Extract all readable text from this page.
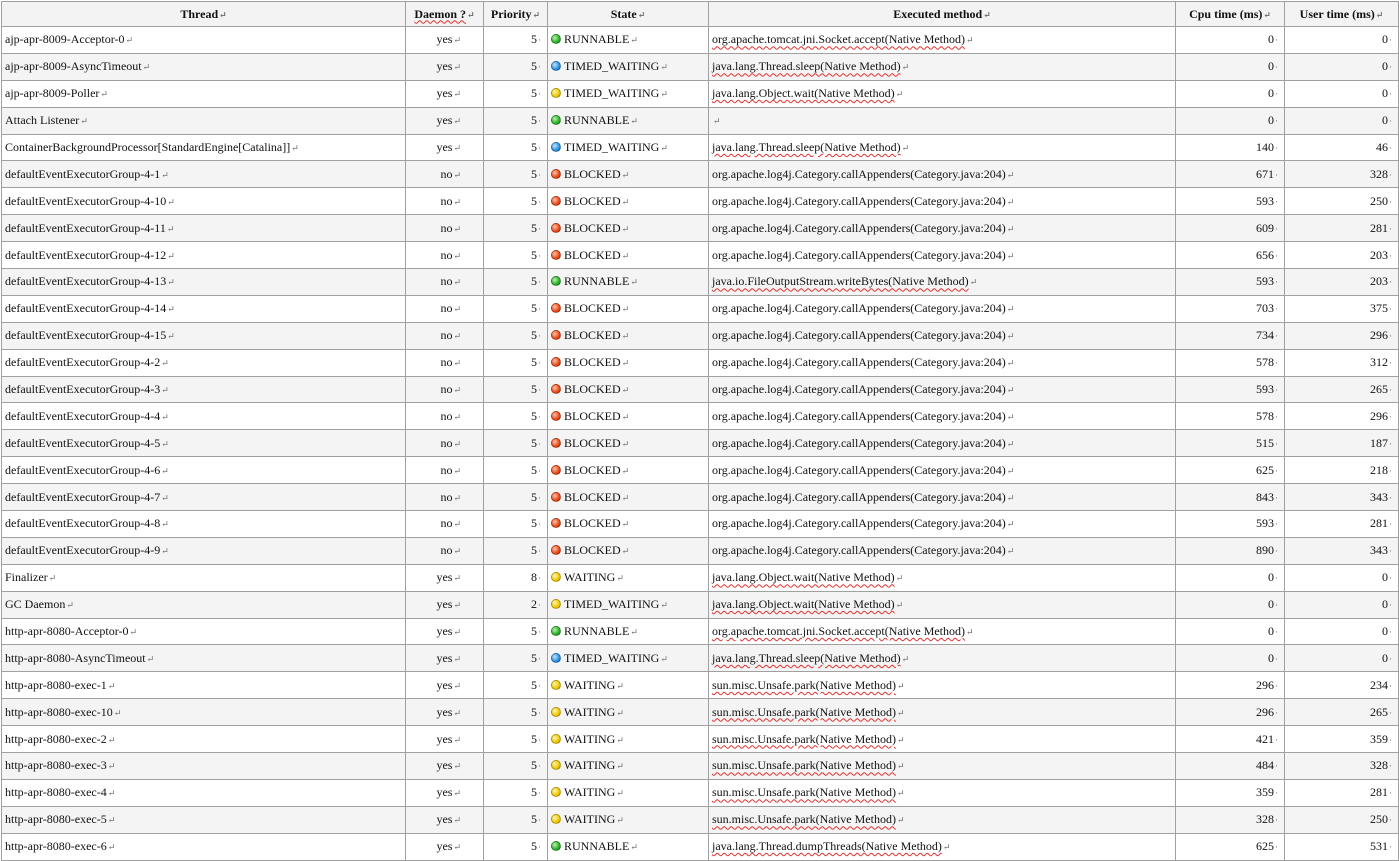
Thread↵	Daemon ?↵	Priority↵	State↵	Executed method↵	Cpu time (ms)↵	User time (ms)↵
ajp-apr-8009-Acceptor-0↵	yes↵	5·	RUNNABLE↵	org.apache.tomcat.jni.Socket.accept(Native Method)↵	0·	0·
ajp-apr-8009-AsyncTimeout↵	yes↵	5·	TIMED_WAITING↵	java.lang.Thread.sleep(Native Method)↵	0·	0·
ajp-apr-8009-Poller↵	yes↵	5·	TIMED_WAITING↵	java.lang.Object.wait(Native Method)↵	0·	0·
Attach Listener↵	yes↵	5·	RUNNABLE↵	↵	0·	0·
ContainerBackgroundProcessor[StandardEngine[Catalina]]↵	yes↵	5·	TIMED_WAITING↵	java.lang.Thread.sleep(Native Method)↵	140·	46·
defaultEventExecutorGroup-4-1↵	no↵	5·	BLOCKED↵	org.apache.log4j.Category.callAppenders(Category.java:204)↵	671·	328·
defaultEventExecutorGroup-4-10↵	no↵	5·	BLOCKED↵	org.apache.log4j.Category.callAppenders(Category.java:204)↵	593·	250·
defaultEventExecutorGroup-4-11↵	no↵	5·	BLOCKED↵	org.apache.log4j.Category.callAppenders(Category.java:204)↵	609·	281·
defaultEventExecutorGroup-4-12↵	no↵	5·	BLOCKED↵	org.apache.log4j.Category.callAppenders(Category.java:204)↵	656·	203·
defaultEventExecutorGroup-4-13↵	no↵	5·	RUNNABLE↵	java.io.FileOutputStream.writeBytes(Native Method)↵	593·	203·
defaultEventExecutorGroup-4-14↵	no↵	5·	BLOCKED↵	org.apache.log4j.Category.callAppenders(Category.java:204)↵	703·	375·
defaultEventExecutorGroup-4-15↵	no↵	5·	BLOCKED↵	org.apache.log4j.Category.callAppenders(Category.java:204)↵	734·	296·
defaultEventExecutorGroup-4-2↵	no↵	5·	BLOCKED↵	org.apache.log4j.Category.callAppenders(Category.java:204)↵	578·	312·
defaultEventExecutorGroup-4-3↵	no↵	5·	BLOCKED↵	org.apache.log4j.Category.callAppenders(Category.java:204)↵	593·	265·
defaultEventExecutorGroup-4-4↵	no↵	5·	BLOCKED↵	org.apache.log4j.Category.callAppenders(Category.java:204)↵	578·	296·
defaultEventExecutorGroup-4-5↵	no↵	5·	BLOCKED↵	org.apache.log4j.Category.callAppenders(Category.java:204)↵	515·	187·
defaultEventExecutorGroup-4-6↵	no↵	5·	BLOCKED↵	org.apache.log4j.Category.callAppenders(Category.java:204)↵	625·	218·
defaultEventExecutorGroup-4-7↵	no↵	5·	BLOCKED↵	org.apache.log4j.Category.callAppenders(Category.java:204)↵	843·	343·
defaultEventExecutorGroup-4-8↵	no↵	5·	BLOCKED↵	org.apache.log4j.Category.callAppenders(Category.java:204)↵	593·	281·
defaultEventExecutorGroup-4-9↵	no↵	5·	BLOCKED↵	org.apache.log4j.Category.callAppenders(Category.java:204)↵	890·	343·
Finalizer↵	yes↵	8·	WAITING↵	java.lang.Object.wait(Native Method)↵	0·	0·
GC Daemon↵	yes↵	2·	TIMED_WAITING↵	java.lang.Object.wait(Native Method)↵	0·	0·
http-apr-8080-Acceptor-0↵	yes↵	5·	RUNNABLE↵	org.apache.tomcat.jni.Socket.accept(Native Method)↵	0·	0·
http-apr-8080-AsyncTimeout↵	yes↵	5·	TIMED_WAITING↵	java.lang.Thread.sleep(Native Method)↵	0·	0·
http-apr-8080-exec-1↵	yes↵	5·	WAITING↵	sun.misc.Unsafe.park(Native Method)↵	296·	234·
http-apr-8080-exec-10↵	yes↵	5·	WAITING↵	sun.misc.Unsafe.park(Native Method)↵	296·	265·
http-apr-8080-exec-2↵	yes↵	5·	WAITING↵	sun.misc.Unsafe.park(Native Method)↵	421·	359·
http-apr-8080-exec-3↵	yes↵	5·	WAITING↵	sun.misc.Unsafe.park(Native Method)↵	484·	328·
http-apr-8080-exec-4↵	yes↵	5·	WAITING↵	sun.misc.Unsafe.park(Native Method)↵	359·	281·
http-apr-8080-exec-5↵	yes↵	5·	WAITING↵	sun.misc.Unsafe.park(Native Method)↵	328·	250·
http-apr-8080-exec-6↵	yes↵	5·	RUNNABLE↵	java.lang.Thread.dumpThreads(Native Method)↵	625·	531·
